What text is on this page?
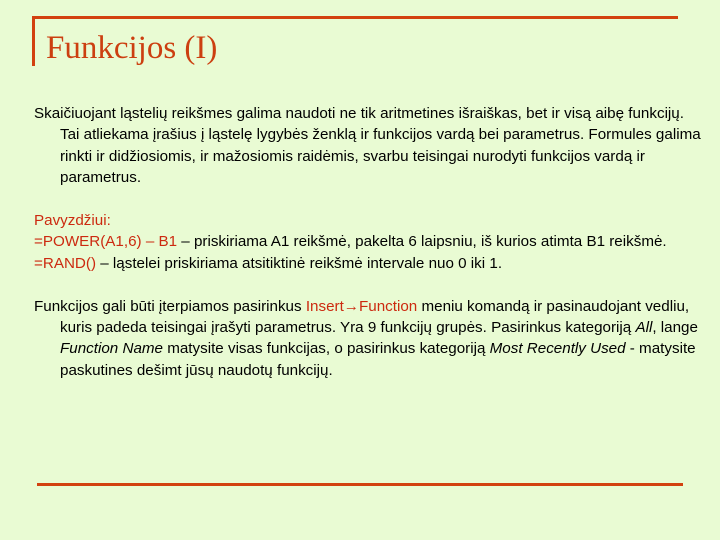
Funkcijos (I)

Skaičiuojant ląstelių reikšmes galima naudoti ne tik aritmetines išraiškas, bet ir visą aibę funkcijų. Tai atliekama įrašius į ląstelę lygybės ženklą ir funkcijos vardą bei parametrus. Formules galima rinkti ir didžiosiomis, ir mažosiomis raidėmis, svarbu teisingai nurodyti funkcijos vardą ir parametrus.

Pavyzdžiui:
=POWER(A1,6) – B1 – priskiriama A1 reikšmė, pakelta 6 laipsniu, iš kurios atimta B1 reikšmė.
=RAND() – ląstelei priskiriama atsitiktinė reikšmė intervale nuo 0 iki 1.

Funkcijos gali būti įterpiamos pasirinkus Insert→Function meniu komandą ir pasinaudojant vedliu, kuris padeda teisingai įrašyti parametrus. Yra 9 funkcijų grupės. Pasirinkus kategoriją All, lange Function Name matysite visas funkcijas, o pasirinkus kategoriją Most Recently Used - matysite paskutines dešimt jūsų naudotų funkcijų.
